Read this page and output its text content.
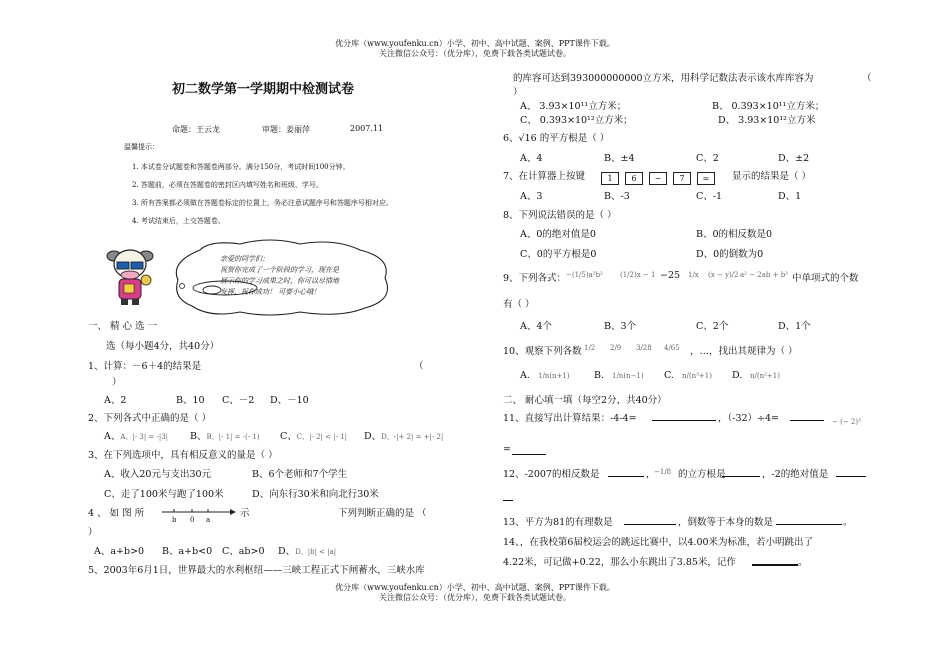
优分库（www.youfenku.cn）小学、初中、高中试题、案例、PPT课件下载。
关注微信公众号：（优分库），免费下载各类试题试卷。
初二数学第一学期期中检测试卷
命题：王云龙	审题：姜丽萍	2007.11
温馨提示：
1. 本试卷分试题卷和答题卷两部分。满分150分，考试时间100分钟。
2. 答题前，必须在答题卷的密封区内填写姓名和班级、学号。
3. 所有答案都必须做在答题卷标定的位置上，务必注意试题序号和答题序号相对应。
4. 考试结束后，上交答题卷。
亲爱的同学们：
祝贺你完成了一个阶段的学习，现在是
展示你的学习成果之时，你可以尽情地
发挥，祝你成功！ 可要小心哦！
一、 精 心 选 一
选（每小题4分，共40分）
1、计算：－6＋4的结果是	（
）
A、2	B、10 C、－2 D、－10
2、下列各式中正确的是（ ）
A、A、|- 3| = -|3| B、B、|- 1| = -(- 1) C、C、|- 2| < |- 1| D、D、-|+ 2| = +|- 2|
3、在下列选项中，具有相反意义的量是（ ）
A、收入20元与支出30元	B、6个老师和7个学生
C、走了100米与跑了100米	D、向东行30米和向北行30米
4 、 如 图 所
b 0 a
示	下列判断正确的是 （
）
A、a+b>0 B、a+b<0 C、ab>0 D、D、|b| < |a|
5、2003年6月1日，世界最大的水利枢纽——三峡工程正式下闸蓄水，三峡水库
的库容可达到393000000000立方米，用科学记数法表示该水库库容为	（
）
A、 3.93×10¹¹立方米；	B、 0.393×10¹¹立方米；
C、 0.393×10¹²立方米；	D、 3.93×10¹²立方米
6、√16 的平方根是（ ）
A、4	B、±4	C、2	D、±2
7、在计算器上按键	1 6 − 7 =	显示的结果是（ ）
A、3	B、-3	C、-1	D、1
8、下列说法错误的是（ ）
A、0的绝对值是0	B、0的相反数是0
C、0的平方根是0	D、0的倒数为0
9、下列各式： −(1/5)a²b² (1/2)x − 1 −25 1/x (x − y)/2 a² − 2ab + b² 中单项式的个数
有（ ）
A、4个	B、3个	C、2个	D、1个
10、观察下列各数 1/2 2/9 3/28 4/65 ，…，找出其规律为（ ）
A. 1/n(n+1)	B. 1/n(n−1) C. n/(n³+1) D. n/(n²+1)
二、 耐心填一填（每空2分，共40分）
11、直接写出计算结果：-4-4=	，（-32）÷4=	− (− 2)³
=
12、-2007的相反数是	，
−1/8 的立方根是	，-2的绝对值是
13、平方为81的有理数是	，倒数等于本身的数是	。
14、，在我校第6届校运会的跳远比赛中，以4.00米为标准，若小明跳出了
4.22米，可记做+0.22，那么小东跳出了3.85米，记作	。
优分库（www.youfenku.cn）小学、初中、高中试题、案例、PPT课件下载。
关注微信公众号：（优分库），免费下载各类试题试卷。
